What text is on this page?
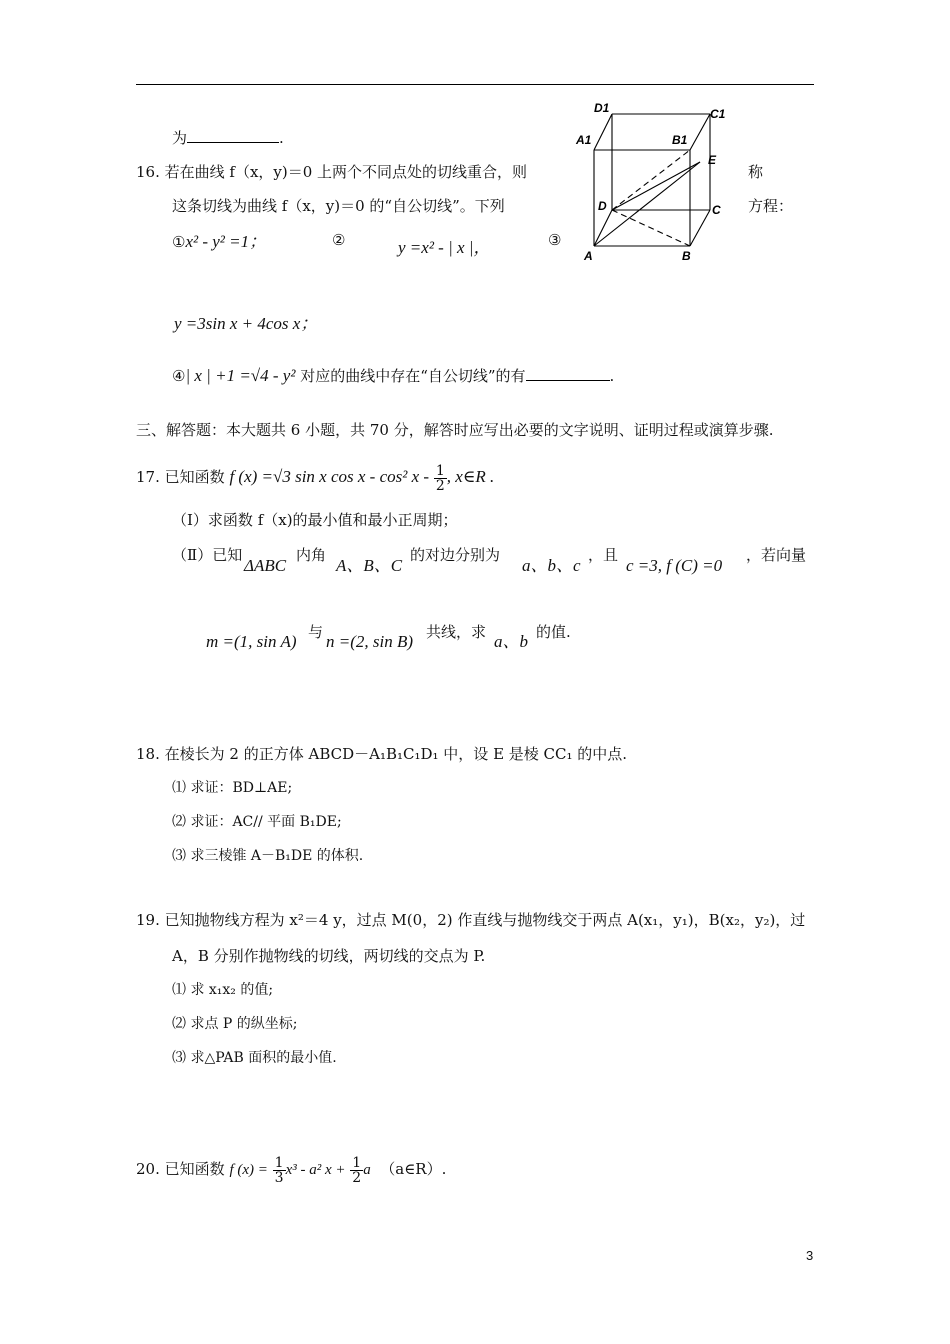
为	.
16. 若在曲线 f（x，y)＝0 上两个不同点处的切线重合，则	称
这条切线为曲线 f（x，y)＝0 的“自公切线”。下列	方程：
①x² - y² =1；	②	y =x² - | x |，	③
y =3sin x + 4cos x；
④| x | +1 =√4 - y² 对应的曲线中存在“自公切线”的有	.
D1	C1
A1	B1
E
D	C
A	B
三、解答题：本大题共 6 小题，共 70 分，解答时应写出必要的文字说明、证明过程或演算步骤.
17. 已知函数 f (x) =√3 sin x cos x - cos² x - $\frac{1}{2}$ , x∈R .
（Ⅰ）求函数 f（x)的最小值和最小正周期；
（Ⅱ）已知
ΔABC
内角
A、B、C
的对边分别为
a、b、c
，且
c =3, f (C) =0
，若向量
m =(1, sin A) 与 n =(2, sin B) 共线，求 a、b 的值.
18. 在棱长为 2 的正方体 ABCD－A₁B₁C₁D₁ 中，设 E 是棱 CC₁ 的中点.
⑴ 求证：BD⊥AE;
⑵ 求证：AC// 平面 B₁DE;
⑶ 求三棱锥 A－B₁DE 的体积.
19. 已知抛物线方程为 x²＝4 y，过点 M(0，2) 作直线与抛物线交于两点 A(x₁，y₁)，B(x₂，y₂)，过
A，B 分别作抛物线的切线，两切线的交点为 P.
⑴ 求 x₁x₂ 的值;
⑵ 求点 P 的纵坐标;
⑶ 求△PAB 面积的最小值.
20. 已知函数 f $(x) = \frac{1}{3} x^3 - a^2$ $x + \frac{1}{2}$ a （a∈R）.
3
